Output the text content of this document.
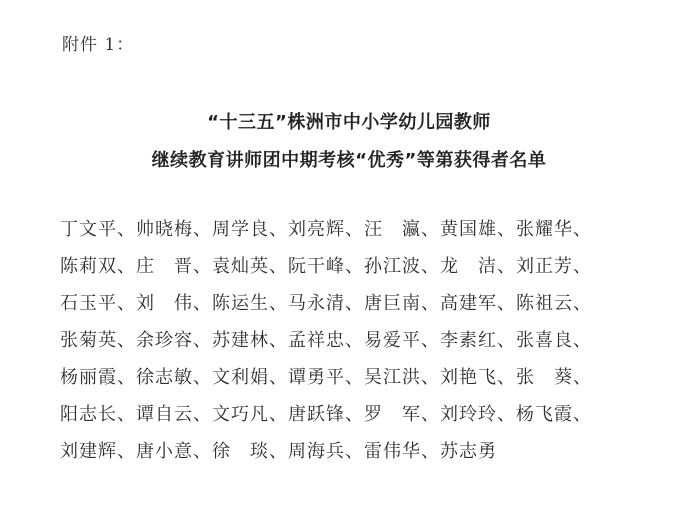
附件 1：
“十三五”株洲市中小学幼儿园教师
继续教育讲师团中期考核“优秀”等第获得者名单
丁文平、帅晓梅、周学良、刘亮辉、汪　瀛、黄国雄、张耀华、
陈莉双、庄　晋、袁灿英、阮干峰、孙江波、龙　洁、刘正芳、
石玉平、刘　伟、陈运生、马永清、唐巨南、高建军、陈祖云、
张菊英、余珍容、苏建林、孟祥忠、易爱平、李素红、张喜良、
杨丽霞、徐志敏、文利娟、谭勇平、吴江洪、刘艳飞、张　葵、
阳志长、谭自云、文巧凡、唐跃锋、罗　军、刘玲玲、杨飞霞、
刘建辉、唐小意、徐　琰、周海兵、雷伟华、苏志勇
